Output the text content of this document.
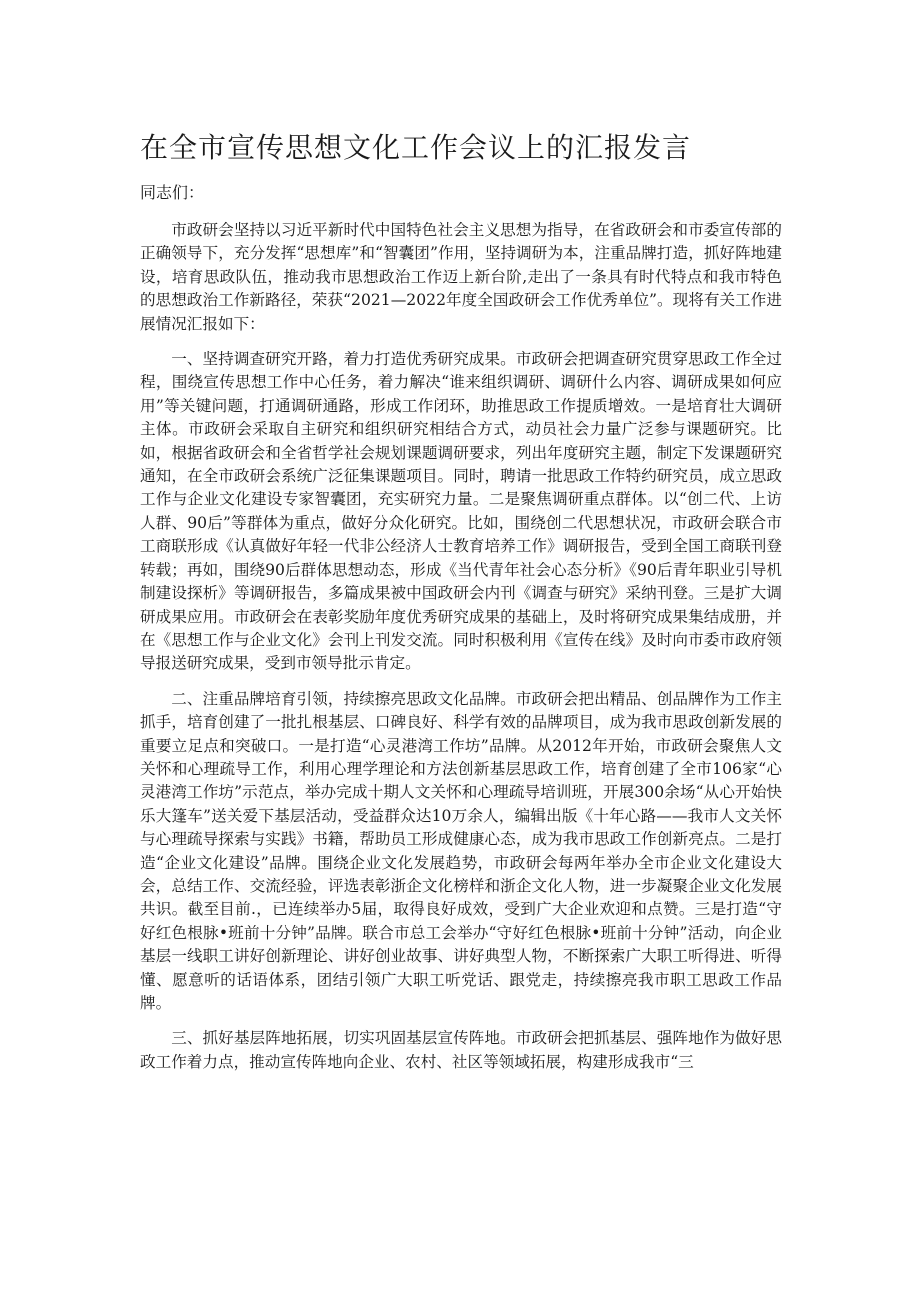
在全市宣传思想文化工作会议上的汇报发言

同志们：

市政研会坚持以习近平新时代中国特色社会主义思想为指导，在省政研会和市委宣传部的正确领导下，充分发挥“思想库”和“智囊团”作用，坚持调研为本，注重品牌打造，抓好阵地建设，培育思政队伍，推动我市思想政治工作迈上新台阶,走出了一条具有时代特点和我市特色的思想政治工作新路径，荣获“2021—2022年度全国政研会工作优秀单位”。现将有关工作进展情况汇报如下：

一、坚持调查研究开路，着力打造优秀研究成果。市政研会把调查研究贯穿思政工作全过程，围绕宣传思想工作中心任务，着力解决“谁来组织调研、调研什么内容、调研成果如何应用”等关键问题，打通调研通路，形成工作闭环，助推思政工作提质增效。一是培育壮大调研主体。市政研会采取自主研究和组织研究相结合方式，动员社会力量广泛参与课题研究。比如，根据省政研会和全省哲学社会规划课题调研要求，列出年度研究主题，制定下发课题研究通知，在全市政研会系统广泛征集课题项目。同时，聘请一批思政工作特约研究员，成立思政工作与企业文化建设专家智囊团，充实研究力量。二是聚焦调研重点群体。以“创二代、上访人群、90后”等群体为重点，做好分众化研究。比如，围绕创二代思想状况，市政研会联合市工商联形成《认真做好年轻一代非公经济人士教育培养工作》调研报告，受到全国工商联刊登转载；再如，围绕90后群体思想动态，形成《当代青年社会心态分析》《90后青年职业引导机制建设探析》等调研报告，多篇成果被中国政研会内刊《调查与研究》采纳刊登。三是扩大调研成果应用。市政研会在表彰奖励年度优秀研究成果的基础上，及时将研究成果集结成册，并在《思想工作与企业文化》会刊上刊发交流。同时积极利用《宣传在线》及时向市委市政府领导报送研究成果，受到市领导批示肯定。

二、注重品牌培育引领，持续擦亮思政文化品牌。市政研会把出精品、创品牌作为工作主抓手，培育创建了一批扎根基层、口碑良好、科学有效的品牌项目，成为我市思政创新发展的重要立足点和突破口。一是打造“心灵港湾工作坊”品牌。从2012年开始，市政研会聚焦人文关怀和心理疏导工作，利用心理学理论和方法创新基层思政工作，培育创建了全市106家“心灵港湾工作坊”示范点，举办完成十期人文关怀和心理疏导培训班，开展300余场“从心开始快乐大篷车”送关爱下基层活动，受益群众达10万余人，编辑出版《十年心路——我市人文关怀与心理疏导探索与实践》书籍，帮助员工形成健康心态，成为我市思政工作创新亮点。二是打造“企业文化建设”品牌。围绕企业文化发展趋势，市政研会每两年举办全市企业文化建设大会，总结工作、交流经验，评选表彰浙企文化榜样和浙企文化人物，进一步凝聚企业文化发展共识。截至目前.，已连续举办5届，取得良好成效，受到广大企业欢迎和点赞。三是打造“守好红色根脉•班前十分钟”品牌。联合市总工会举办“守好红色根脉•班前十分钟”活动，向企业基层一线职工讲好创新理论、讲好创业故事、讲好典型人物，不断探索广大职工听得进、听得懂、愿意听的话语体系，团结引领广大职工听党话、跟党走，持续擦亮我市职工思政工作品牌。

三、抓好基层阵地拓展，切实巩固基层宣传阵地。市政研会把抓基层、强阵地作为做好思政工作着力点，推动宣传阵地向企业、农村、社区等领域拓展，构建形成我市“三
